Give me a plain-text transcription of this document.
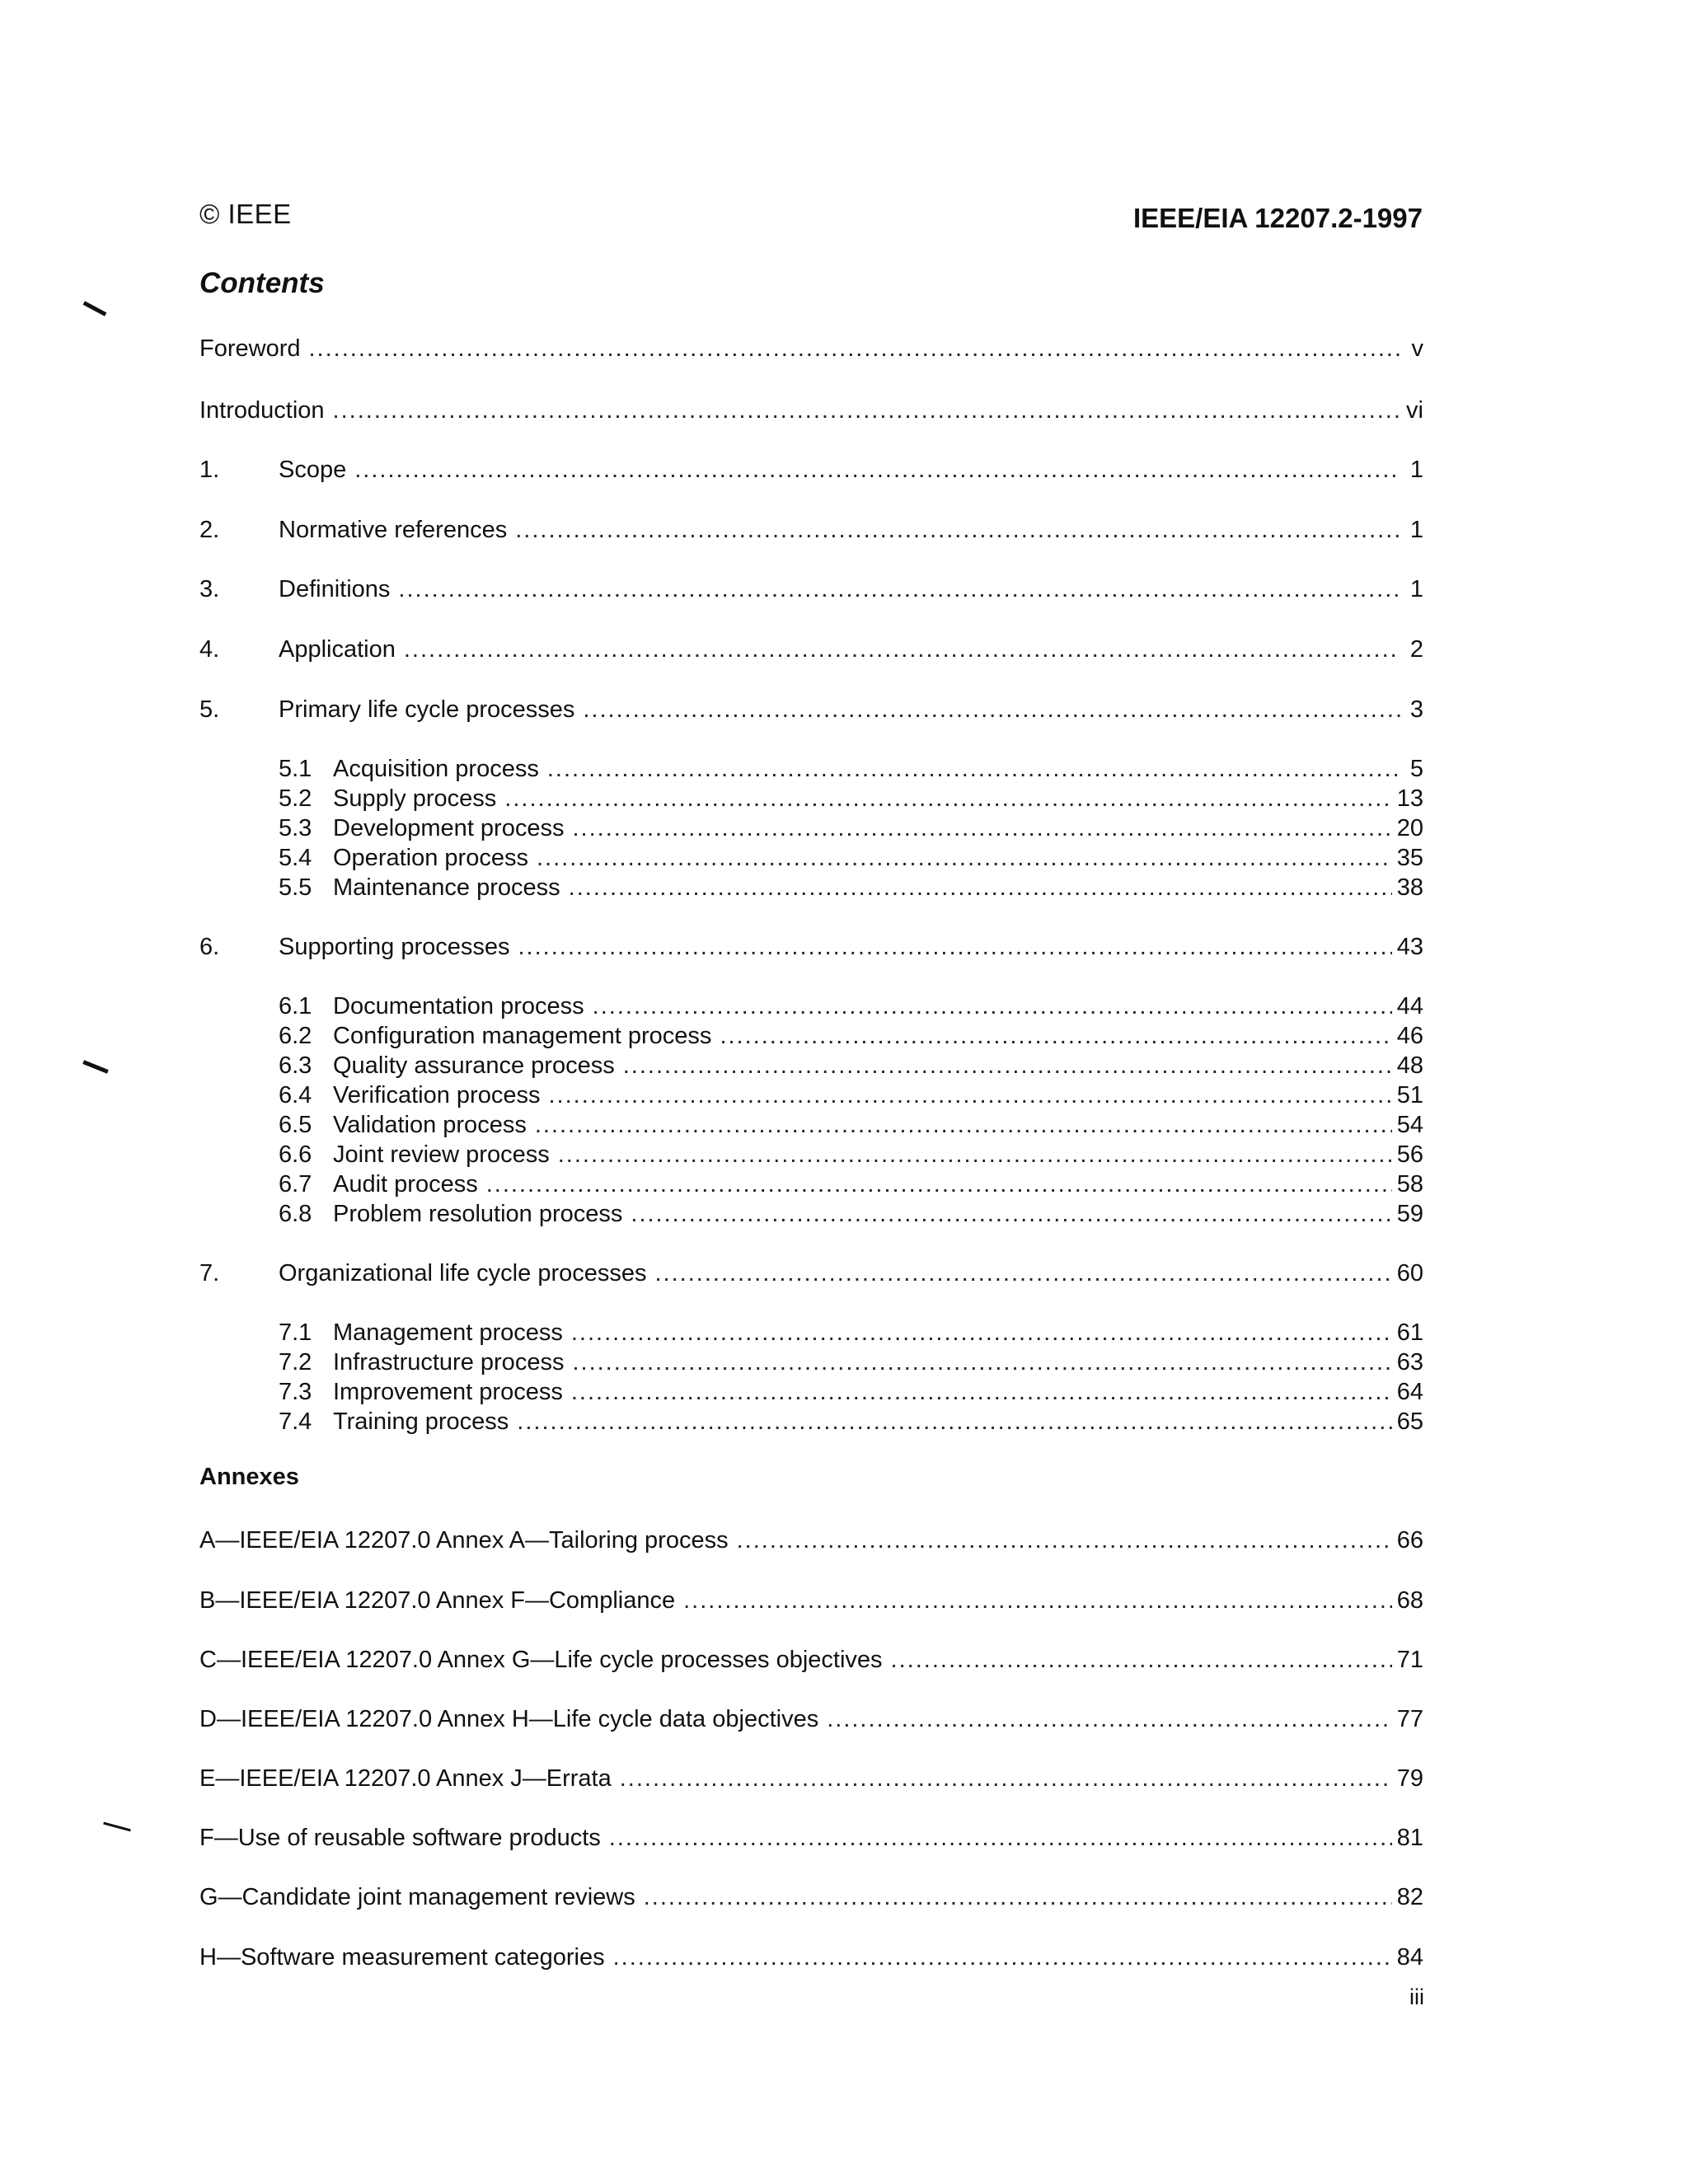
© IEEE	IEEE/EIA 12207.2-1997
Contents
Foreword .....	v
Introduction .....	vi
1.	Scope .....	1
2.	Normative references .....	1
3.	Definitions .....	1
4.	Application .....	2
5.	Primary life cycle processes .....	3
5.1 Acquisition process .....	5
5.2 Supply process .....	13
5.3 Development process .....	20
5.4 Operation process .....	35
5.5 Maintenance process .....	38
6.	Supporting processes .....	43
6.1 Documentation process .....	44
6.2 Configuration management process .....	46
6.3 Quality assurance process .....	48
6.4 Verification process .....	51
6.5 Validation process .....	54
6.6 Joint review process .....	56
6.7 Audit process .....	58
6.8 Problem resolution process .....	59
7.	Organizational life cycle processes .....	60
7.1 Management process .....	61
7.2 Infrastructure process .....	63
7.3 Improvement process .....	64
7.4 Training process .....	65
A—IEEE/EIA 12207.0 Annex A—Tailoring process .....	66
B—IEEE/EIA 12207.0 Annex F—Compliance .....	68
C—IEEE/EIA 12207.0 Annex G—Life cycle processes objectives .....	71
D—IEEE/EIA 12207.0 Annex H—Life cycle data objectives .....	77
E—IEEE/EIA 12207.0 Annex J—Errata .....	79
F—Use of reusable software products .....	81
G—Candidate joint management reviews .....	82
H—Software measurement categories .....	84
Annexes
iii
